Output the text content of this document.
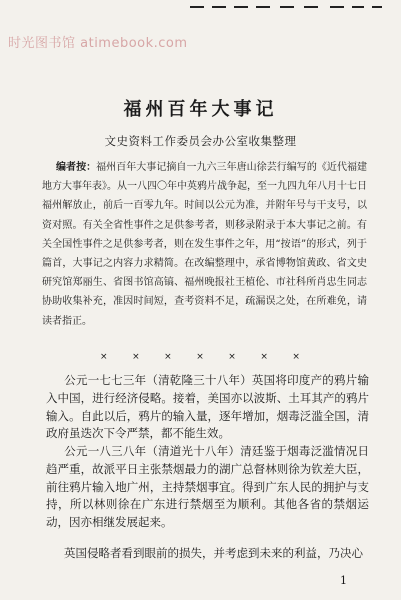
时光图书馆 atimebook.com
福州百年大事记
文史资料工作委员会办公室收集整理
编者按：福州百年大事记摘自一九六三年唐山徐芸行编写的《近代福建地方大事年表》。从一八四〇年中英鸦片战争起，至一九四九年八月十七日福州解放止，前后一百零九年。时间以公元为准，并附年号与干支号，以资对照。有关全省性事件之足供参考者，则移录附录于本大事记之前。有关全国性事件之足供参考者，则在发生事件之年，用“按语”的形式，列于篇首，大事记之内容力求精简。在改编整理中，承省博物馆黄政、省文史研究馆郑丽生、省图书馆高镐、福州晚报社王植伦、市社科所肖忠生同志协助收集补充，准因时间短，查考资料不足，疏漏误之处，在所难免，请读者指正。
×	×	×	×	×	×	×
公元一七七三年（清乾隆三十八年）英国将印度产的鸦片输入中国，进行经济侵略。接着，美国亦以波斯、土耳其产的鸦片输入。自此以后，鸦片的输入量，逐年增加，烟毒泛滥全国，清政府虽迭次下令严禁，都不能生效。
公元一八三八年（清道光十八年）清廷鉴于烟毒泛滥情况日趋严重，故派平日主张禁烟最力的湖广总督林则徐为钦差大臣，前往鸦片输入地广州，主持禁烟事宜。得到广东人民的拥护与支持，所以林则徐在广东进行禁烟至为顺利。其他各省的禁烟运动，因亦相继发展起来。
英国侵略者看到眼前的损失，并考虑到未来的利益，乃决心
1
